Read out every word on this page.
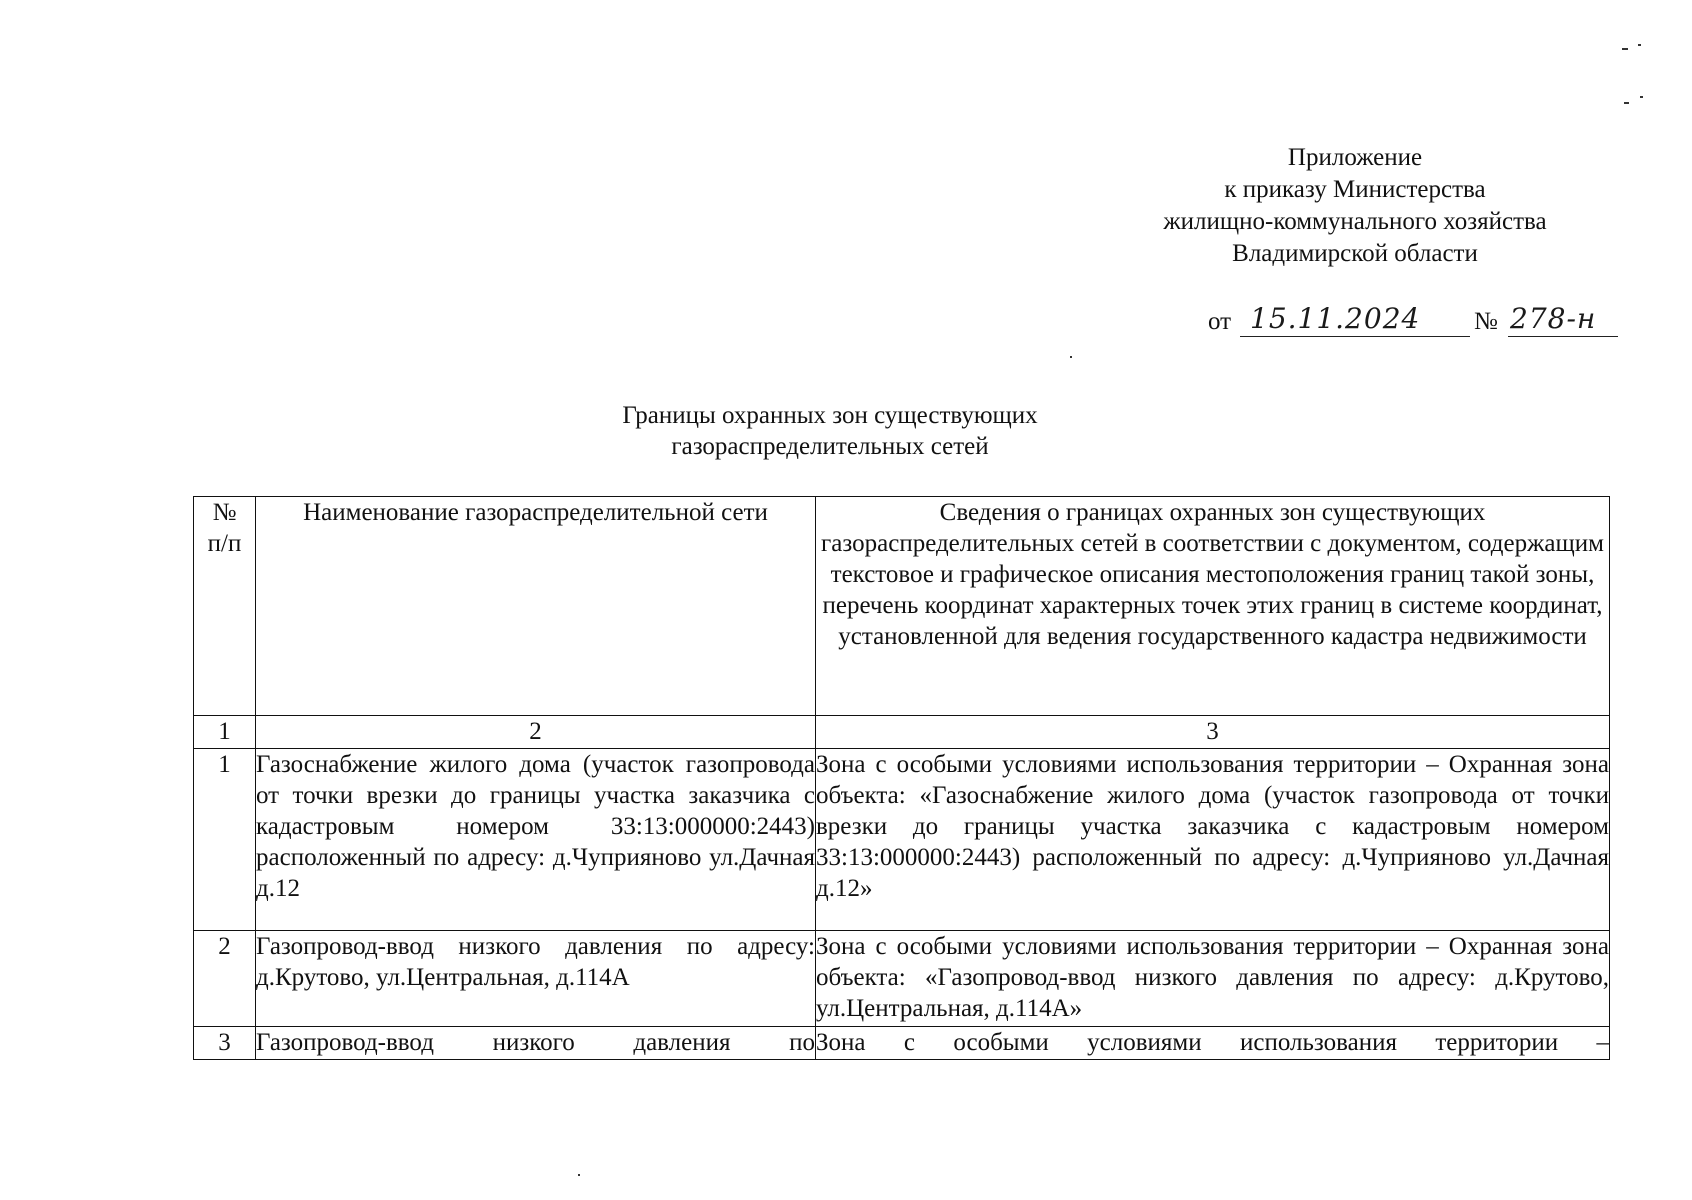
Приложение
к приказу Министерства
жилищно-коммунального хозяйства
Владимирской области
от 15.11.2024 № 278-н
Границы охранных зон существующих
газораспределительных сетей
№ п/п	Наименование газораспределительной сети	Сведения о границах охранных зон существующих газораспределительных сетей в соответствии с документом, содержащим текстовое и графическое описания местоположения границ такой зоны, перечень координат характерных точек этих границ в системе координат, установленной для ведения государственного кадастра недвижимости
1	2	3
1	Газоснабжение жилого дома (участок газопровода от точки врезки до границы участка заказчика с кадастровым номером 33:13:000000:2443) расположенный по адресу: д.Чуприяново ул.Дачная д.12	Зона с особыми условиями использования территории – Охранная зона объекта: «Газоснабжение жилого дома (участок газопровода от точки врезки до границы участка заказчика с кадастровым номером 33:13:000000:2443) расположенный по адресу: д.Чуприяново ул.Дачная д.12»
2	Газопровод-ввод низкого давления по адресу: д.Крутово, ул.Центральная, д.114А	Зона с особыми условиями использования территории – Охранная зона объекта: «Газопровод-ввод низкого давления по адресу: д.Крутово, ул.Центральная, д.114А»
3	Газопровод-ввод низкого давления по	Зона с особыми условиями использования территории –
